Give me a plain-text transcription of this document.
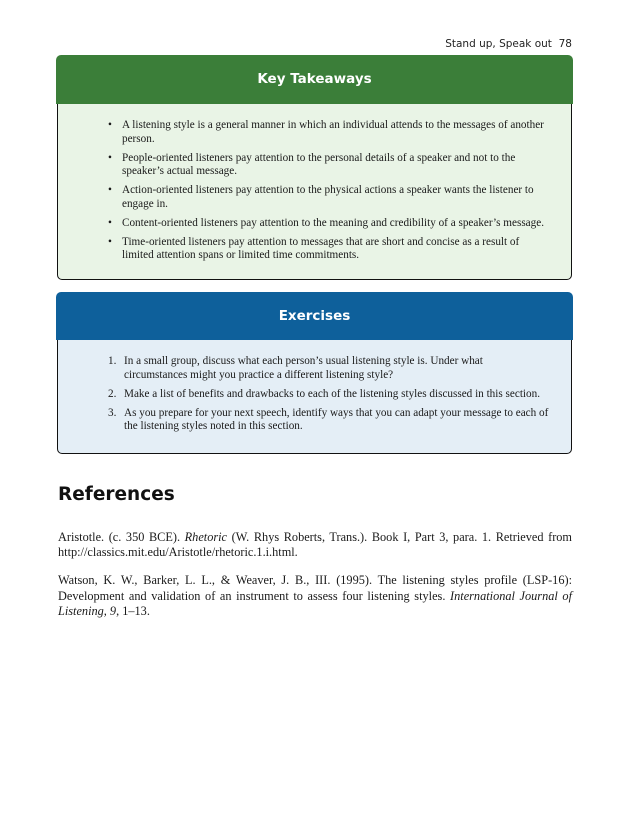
Stand up, Speak out 78
Key Takeaways
• A listening style is a general manner in which an individual attends to the messages of another person.
• People-oriented listeners pay attention to the personal details of a speaker and not to the speaker’s actual message.
• Action-oriented listeners pay attention to the physical actions a speaker wants the listener to engage in.
• Content-oriented listeners pay attention to the meaning and credibility of a speaker’s message.
• Time-oriented listeners pay attention to messages that are short and concise as a result of limited attention spans or limited time commitments.
Exercises
1. In a small group, discuss what each person’s usual listening style is. Under what circumstances might you practice a different listening style?
2. Make a list of benefits and drawbacks to each of the listening styles discussed in this section.
3. As you prepare for your next speech, identify ways that you can adapt your message to each of the listening styles noted in this section.
References

Aristotle. (c. 350 BCE). Rhetoric (W. Rhys Roberts, Trans.). Book I, Part 3, para. 1. Retrieved from http://classics.mit.edu/Aristotle/rhetoric.1.i.html.

Watson, K. W., Barker, L. L., & Weaver, J. B., III. (1995). The listening styles profile (LSP-16): Development and validation of an instrument to assess four listening styles. International Journal of Listening, 9, 1–13.
